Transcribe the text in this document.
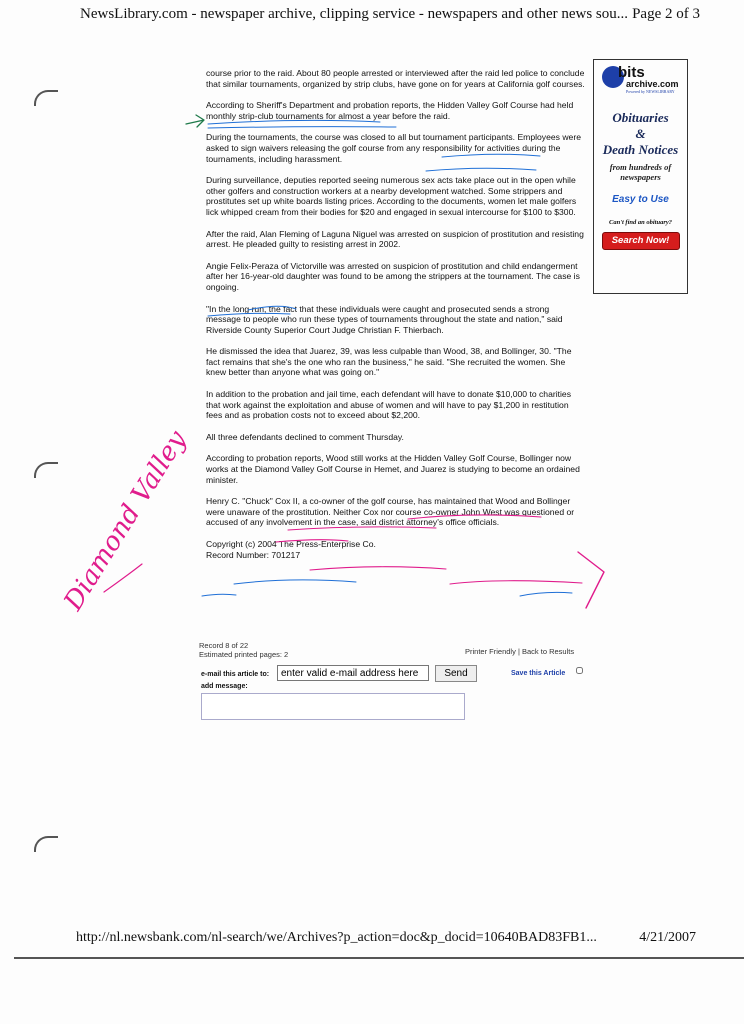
NewsLibrary.com - newspaper archive, clipping service - newspapers and other news sou... Page 2 of 3

course prior to the raid. About 80 people arrested or interviewed after the raid led police to conclude that similar tournaments, organized by strip clubs, have gone on for years at California golf courses.

According to Sheriff's Department and probation reports, the Hidden Valley Golf Course had held monthly strip-club tournaments for almost a year before the raid.

During the tournaments, the course was closed to all but tournament participants. Employees were asked to sign waivers releasing the golf course from any responsibility for activities during the tournaments, including harassment.

During surveillance, deputies reported seeing numerous sex acts take place out in the open while other golfers and construction workers at a nearby development watched. Some strippers and prostitutes set up white boards listing prices. According to the documents, women let male golfers lick whipped cream from their bodies for $20 and engaged in sexual intercourse for $100 to $300.

After the raid, Alan Fleming of Laguna Niguel was arrested on suspicion of prostitution and resisting arrest. He pleaded guilty to resisting arrest in 2002.

Angie Felix-Peraza of Victorville was arrested on suspicion of prostitution and child endangerment after her 16-year-old daughter was found to be among the strippers at the tournament. The case is ongoing.

"In the long run, the fact that these individuals were caught and prosecuted sends a strong message to people who run these types of tournaments throughout the state and nation," said Riverside County Superior Court Judge Christian F. Thierbach.

He dismissed the idea that Juarez, 39, was less culpable than Wood, 38, and Bollinger, 30. "The fact remains that she's the one who ran the business," he said. "She recruited the women. She knew better than anyone what was going on."

In addition to the probation and jail time, each defendant will have to donate $10,000 to charities that work against the exploitation and abuse of women and will have to pay $1,200 in restitution fees and as probation costs not to exceed about $2,200.

All three defendants declined to comment Thursday.

According to probation reports, Wood still works at the Hidden Valley Golf Course, Bollinger now works at the Diamond Valley Golf Course in Hemet, and Juarez is studying to become an ordained minister.

Henry C. "Chuck" Cox II, a co-owner of the golf course, has maintained that Wood and Bollinger were unaware of the prostitution. Neither Cox nor course co-owner John West was questioned or accused of any involvement in the case, said district attorney's office officials.

Copyright (c) 2004 The Press-Enterprise Co.
Record Number: 701217
bits
archive.com
Powered by NEWSLIBRARY
Obituaries
&
Death Notices
from hundreds of newspapers
Easy to Use
Can't find an obituary?
Search Now!
Record 8 of 22
Estimated printed pages: 2	Printer Friendly | Back to Results
e-mail this article to:
enter valid e-mail address here	Send	Save this Article
add message:
Diamond Valley
http://nl.newsbank.com/nl-search/we/Archives?p_action=doc&p_docid=10640BAD83FB1...	4/21/2007
